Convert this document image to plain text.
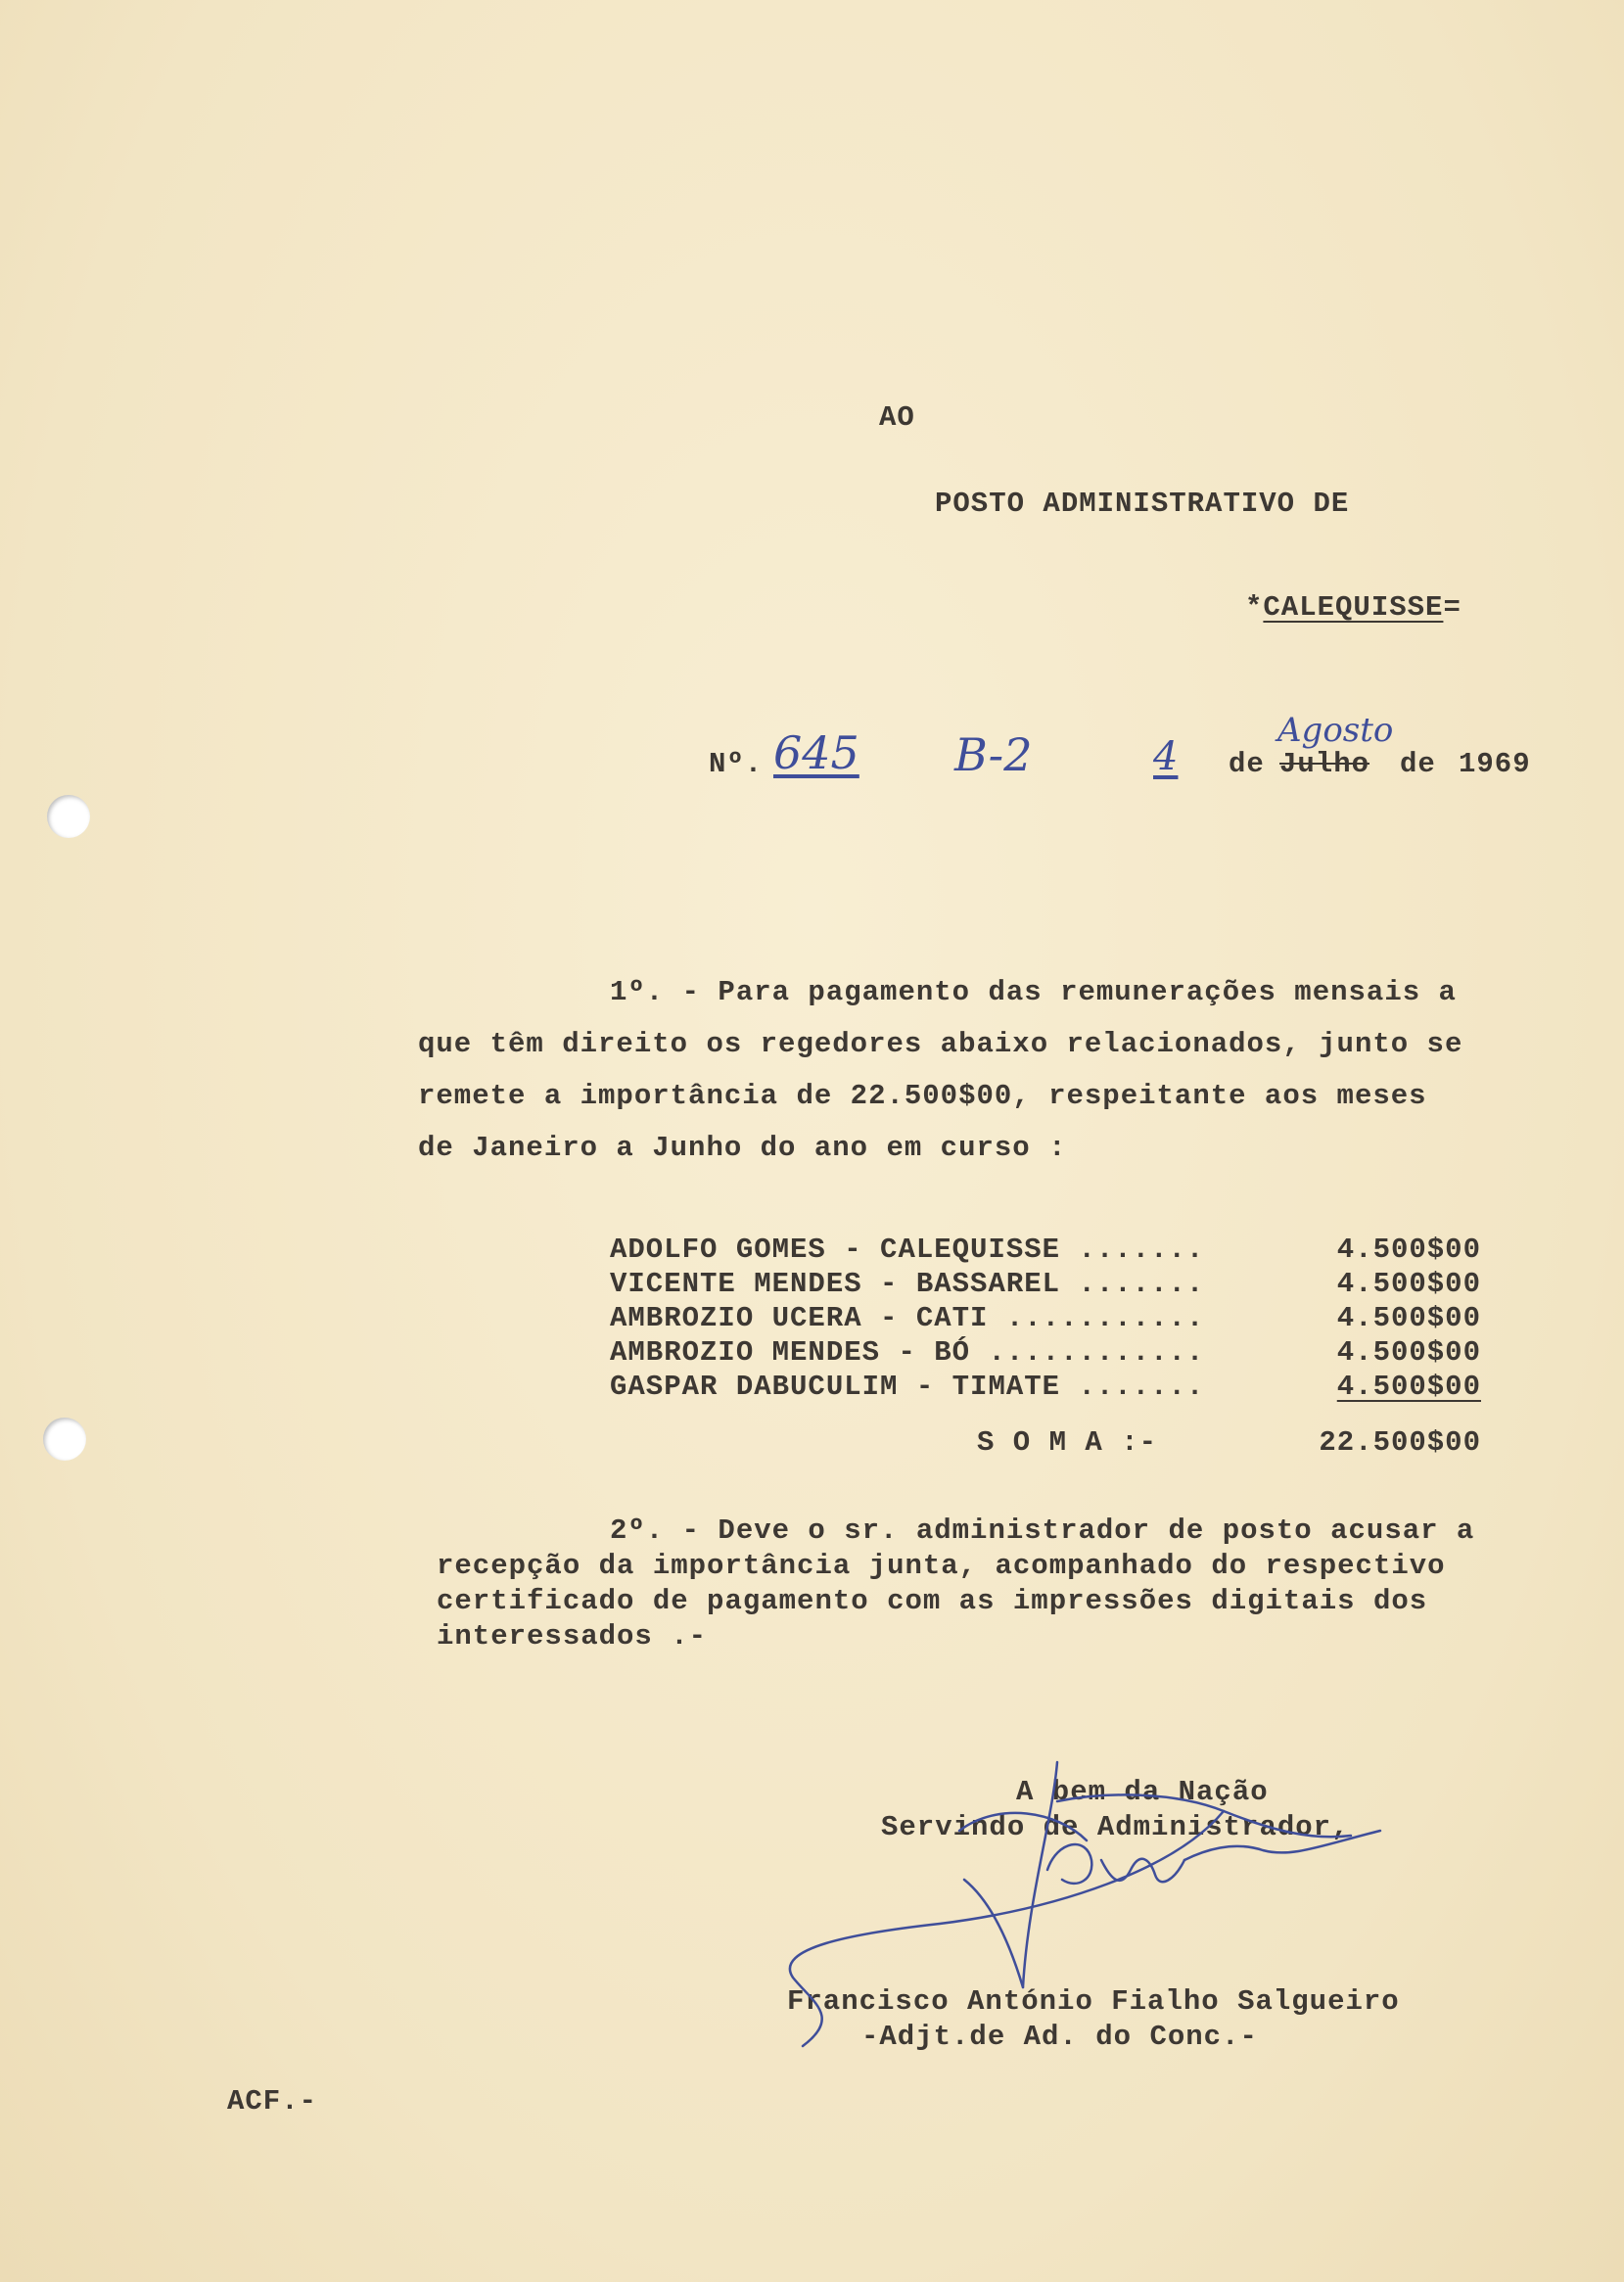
AO
POSTO ADMINISTRATIVO DE
*CALEQUISSE=
Nº. 645 B-2	4 de Julho
Agosto
de 1969
1º. - Para pagamento das remunerações mensais a
que têm direito os regedores abaixo relacionados, junto se
remete a importância de 22.500$00, respeitante aos meses
de Janeiro a Junho do ano em curso :
ADOLFO GOMES - CALEQUISSE .......	4.500$00
VICENTE MENDES - BASSAREL .......	4.500$00
AMBROZIO UCERA - CATI ...........	4.500$00
AMBROZIO MENDES - BÓ ............	4.500$00
GASPAR DABUCULIM - TIMATE .......	4.500$00
S O M A :-	22.500$00
2º. - Deve o sr. administrador de posto acusar a
recepção da importância junta, acompanhado do respectivo
certificado de pagamento com as impressões digitais dos
interessados .-
A bem da Nação
Servindo de Administrador,
Francisco António Fialho Salgueiro
-Adjt.de Ad. do Conc.-
ACF.-
